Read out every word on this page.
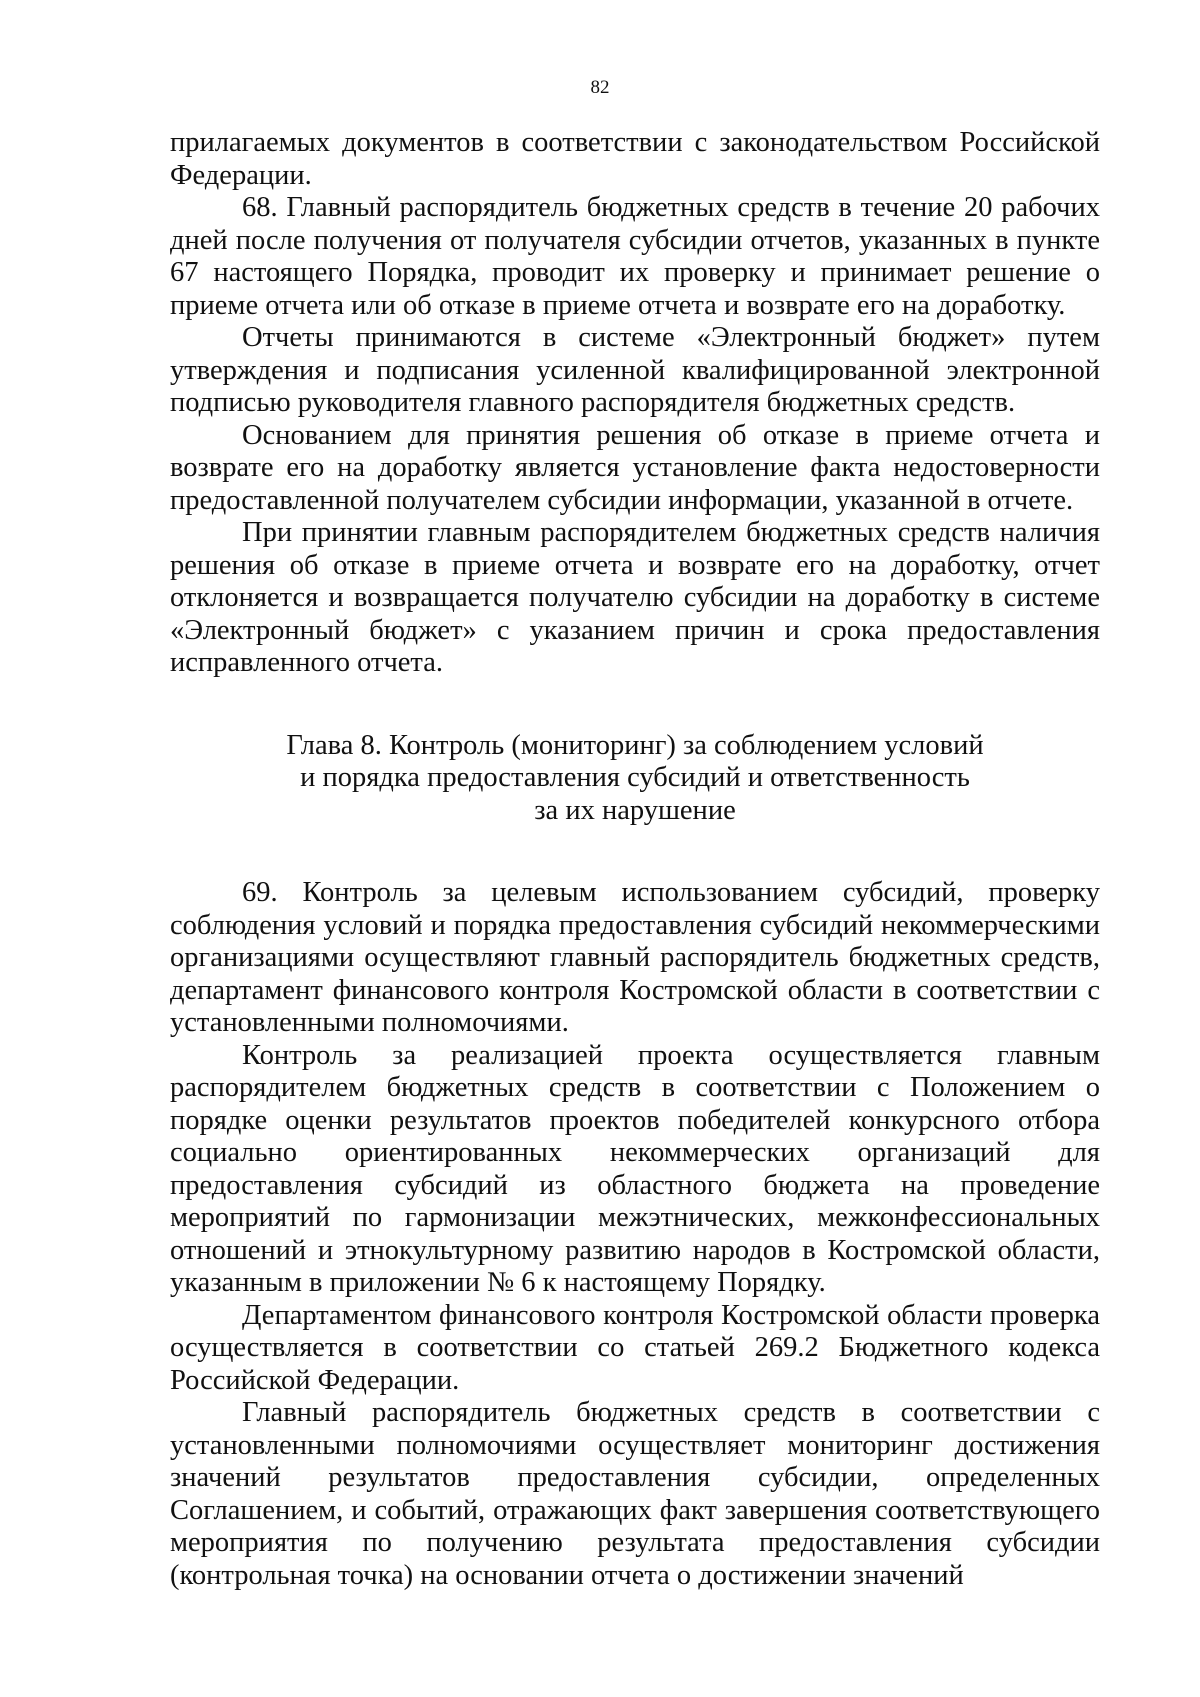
82

прилагаемых документов в соответствии с законодательством Российской Федерации.

68. Главный распорядитель бюджетных средств в течение 20 рабочих дней после получения от получателя субсидии отчетов, указанных в пункте 67 настоящего Порядка, проводит их проверку и принимает решение о приеме отчета или об отказе в приеме отчета и возврате его на доработку.

Отчеты принимаются в системе «Электронный бюджет» путем утверждения и подписания усиленной квалифицированной электронной подписью руководителя главного распорядителя бюджетных средств.

Основанием для принятия решения об отказе в приеме отчета и возврате его на доработку является установление факта недостоверности предоставленной получателем субсидии информации, указанной в отчете.

При принятии главным распорядителем бюджетных средств наличия решения об отказе в приеме отчета и возврате его на доработку, отчет отклоняется и возвращается получателю субсидии на доработку в системе «Электронный бюджет» с указанием причин и срока предоставления исправленного отчета.

Глава 8. Контроль (мониторинг) за соблюдением условий
и порядка предоставления субсидий и ответственность
за их нарушение

69. Контроль за целевым использованием субсидий, проверку соблюдения условий и порядка предоставления субсидий некоммерческими организациями осуществляют главный распорядитель бюджетных средств, департамент финансового контроля Костромской области в соответствии с установленными полномочиями.

Контроль за реализацией проекта осуществляется главным распорядителем бюджетных средств в соответствии с Положением о порядке оценки результатов проектов победителей конкурсного отбора социально ориентированных некоммерческих организаций для предоставления субсидий из областного бюджета на проведение мероприятий по гармонизации межэтнических, межконфессиональных отношений и этнокультурному развитию народов в Костромской области, указанным в приложении № 6 к настоящему Порядку.

Департаментом финансового контроля Костромской области проверка осуществляется в соответствии со статьей 269.2 Бюджетного кодекса Российской Федерации.

Главный распорядитель бюджетных средств в соответствии с установленными полномочиями осуществляет мониторинг достижения значений результатов предоставления субсидии, определенных Соглашением, и событий, отражающих факт завершения соответствующего мероприятия по получению результата предоставления субсидии (контрольная точка) на основании отчета о достижении значений
